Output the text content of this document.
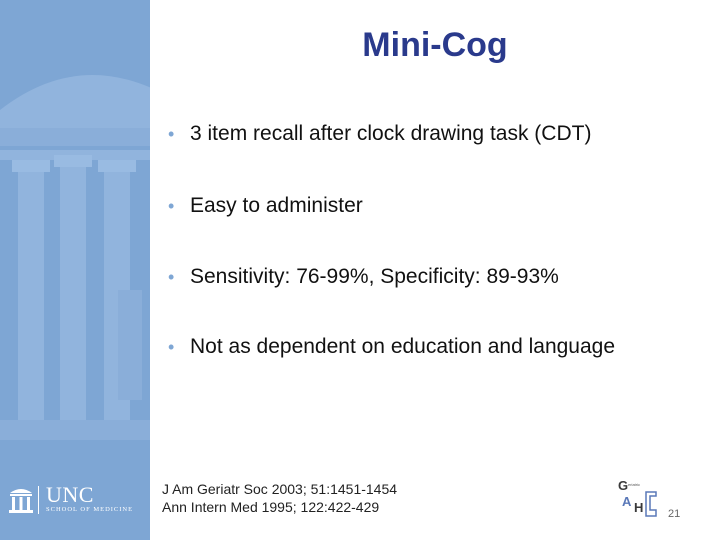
UNC
SCHOOL OF MEDICINE
Mini-Cog
• 3 item recall after clock drawing task (CDT)
• Easy to administer
• Sensitivity: 76-99%, Specificity: 89-93%
• Not as dependent on education and language
J Am Geriatr Soc 2003; 51:1451-1454
Ann Intern Med 1995; 122:422-429
G eriatric
A H 21
